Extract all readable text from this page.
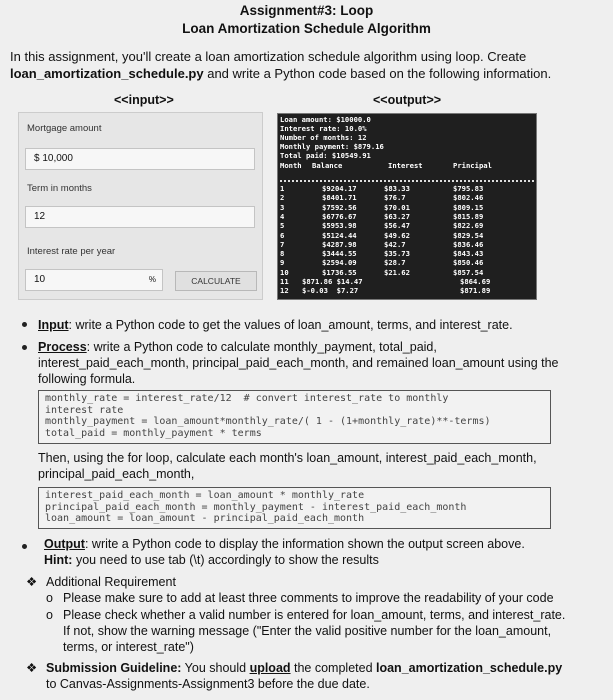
Assignment#3: Loop
Loan Amortization Schedule Algorithm
In this assignment, you'll create a loan amortization schedule algorithm using loop. Create
loan_amortization_schedule.py and write a Python code based on the following information.
<<input>>	<<output>>
Mortgage amount
$ 10,000
Term in months
12
Interest rate per year
10	%	CALCULATE
Loan amount: $10000.0
Interest rate: 10.0%
Number of months: 12
Monthly payment: $879.16
Total paid: $10549.91
Month Balance	Interest	Principal
1	$9204.17	$83.33	$795.83
2	$8401.71	$76.7	$802.46
3	$7592.56	$70.01	$809.15
4	$6776.67	$63.27	$815.89
5	$5953.98	$56.47	$822.69
6	$5124.44	$49.62	$829.54
7	$4287.98	$42.7	$836.46
8	$3444.55	$35.73	$843.43
9	$2594.09	$28.7	$850.46
10	$1736.55	$21.62	$857.54
11 $871.86 $14.47	$864.69
12 $-0.03  $7.27	$871.89
Input: write a Python code to get the values of loan_amount, terms, and interest_rate.
Process: write a Python code to calculate monthly_payment, total_paid,
interest_paid_each_month, principal_paid_each_month, and remained loan_amount using the
following formula.
monthly_rate = interest_rate/12  # convert interest_rate to monthly
interest rate
monthly_payment = loan_amount*monthly_rate/( 1 - (1+monthly_rate)**-terms)
total_paid = monthly_payment * terms
Then, using the for loop, calculate each month's loan_amount, interest_paid_each_month,
principal_paid_each_month,
interest_paid_each_month = loan_amount * monthly_rate
principal_paid_each_month = monthly_payment - interest_paid_each_month
loan_amount = loan_amount - principal_paid_each_month
Output: write a Python code to display the information shown the output screen above.
Hint: you need to use tab (\t) accordingly to show the results
❖ Additional Requirement
o Please make sure to add at least three comments to improve the readability of your code
o Please check whether a valid number is entered for loan_amount, terms, and interest_rate.
If not, show the warning message ("Enter the valid positive number for the loan_amount,
terms, or interest_rate")
❖ Submission Guideline: You should upload the completed loan_amortization_schedule.py
to Canvas-Assignments-Assignment3 before the due date.
